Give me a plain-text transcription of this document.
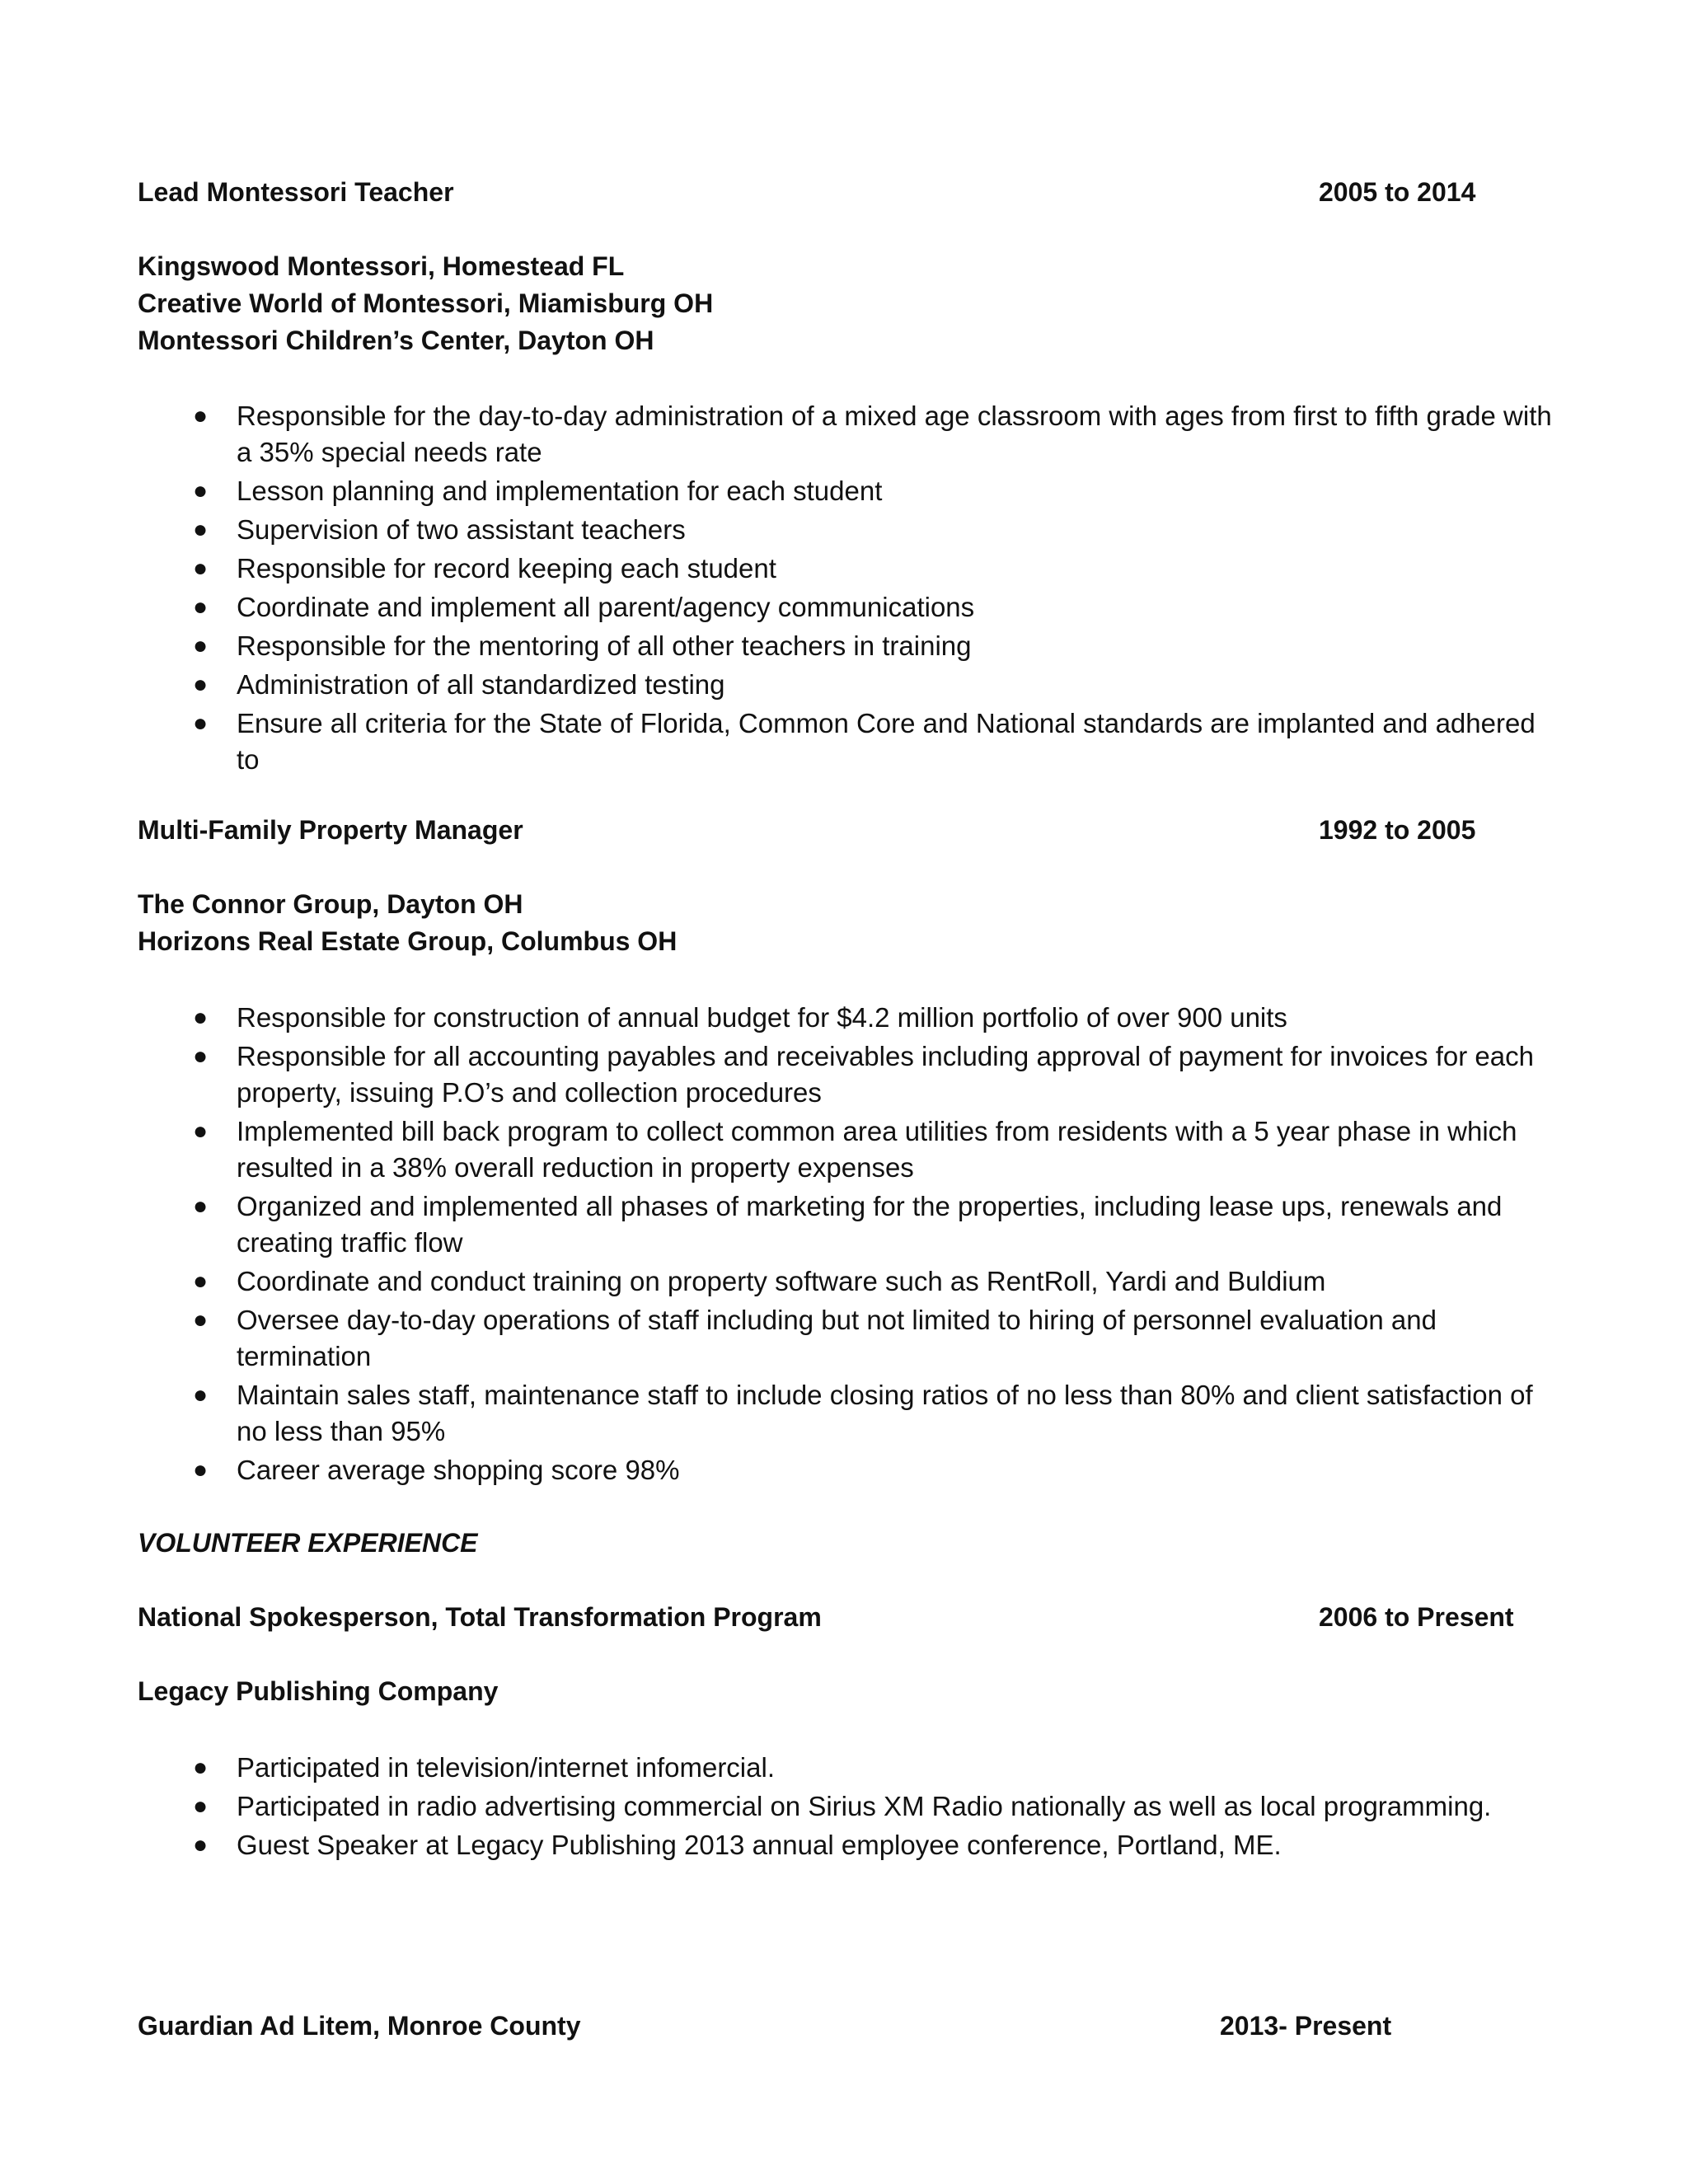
Lead Montessori Teacher	2005 to 2014
Kingswood Montessori, Homestead FL
Creative World of Montessori, Miamisburg OH
Montessori Children’s Center, Dayton OH
● Responsible for the day-to-day administration of a mixed age classroom with ages from first to fifth grade with a 35% special needs rate
● Lesson planning and implementation for each student
● Supervision of two assistant teachers
● Responsible for record keeping each student
● Coordinate and implement all parent/agency communications
● Responsible for the mentoring of all other teachers in training
● Administration of all standardized testing
● Ensure all criteria for the State of Florida, Common Core and National standards are implanted and adhered to
Multi-Family Property Manager	1992 to 2005
The Connor Group, Dayton OH
Horizons Real Estate Group, Columbus OH
● Responsible for construction of annual budget for $4.2 million portfolio of over 900 units
● Responsible for all accounting payables and receivables including approval of payment for invoices for each property, issuing P.O’s and collection procedures
● Implemented bill back program to collect common area utilities from residents with a 5 year phase in which resulted in a 38% overall reduction in property expenses
● Organized and implemented all phases of marketing for the properties, including lease ups, renewals and creating traffic flow
● Coordinate and conduct training on property software such as RentRoll, Yardi and Buldium
● Oversee day-to-day operations of staff including but not limited to hiring of personnel evaluation and termination
● Maintain sales staff, maintenance staff to include closing ratios of no less than 80% and client satisfaction of no less than 95%
● Career average shopping score 98%
VOLUNTEER EXPERIENCE
National Spokesperson, Total Transformation Program	2006 to Present
Legacy Publishing Company
● Participated in television/internet infomercial.
● Participated in radio advertising commercial on Sirius XM Radio nationally as well as local programming.
● Guest Speaker at Legacy Publishing 2013 annual employee conference, Portland, ME.
Guardian Ad Litem, Monroe County	2013- Present
